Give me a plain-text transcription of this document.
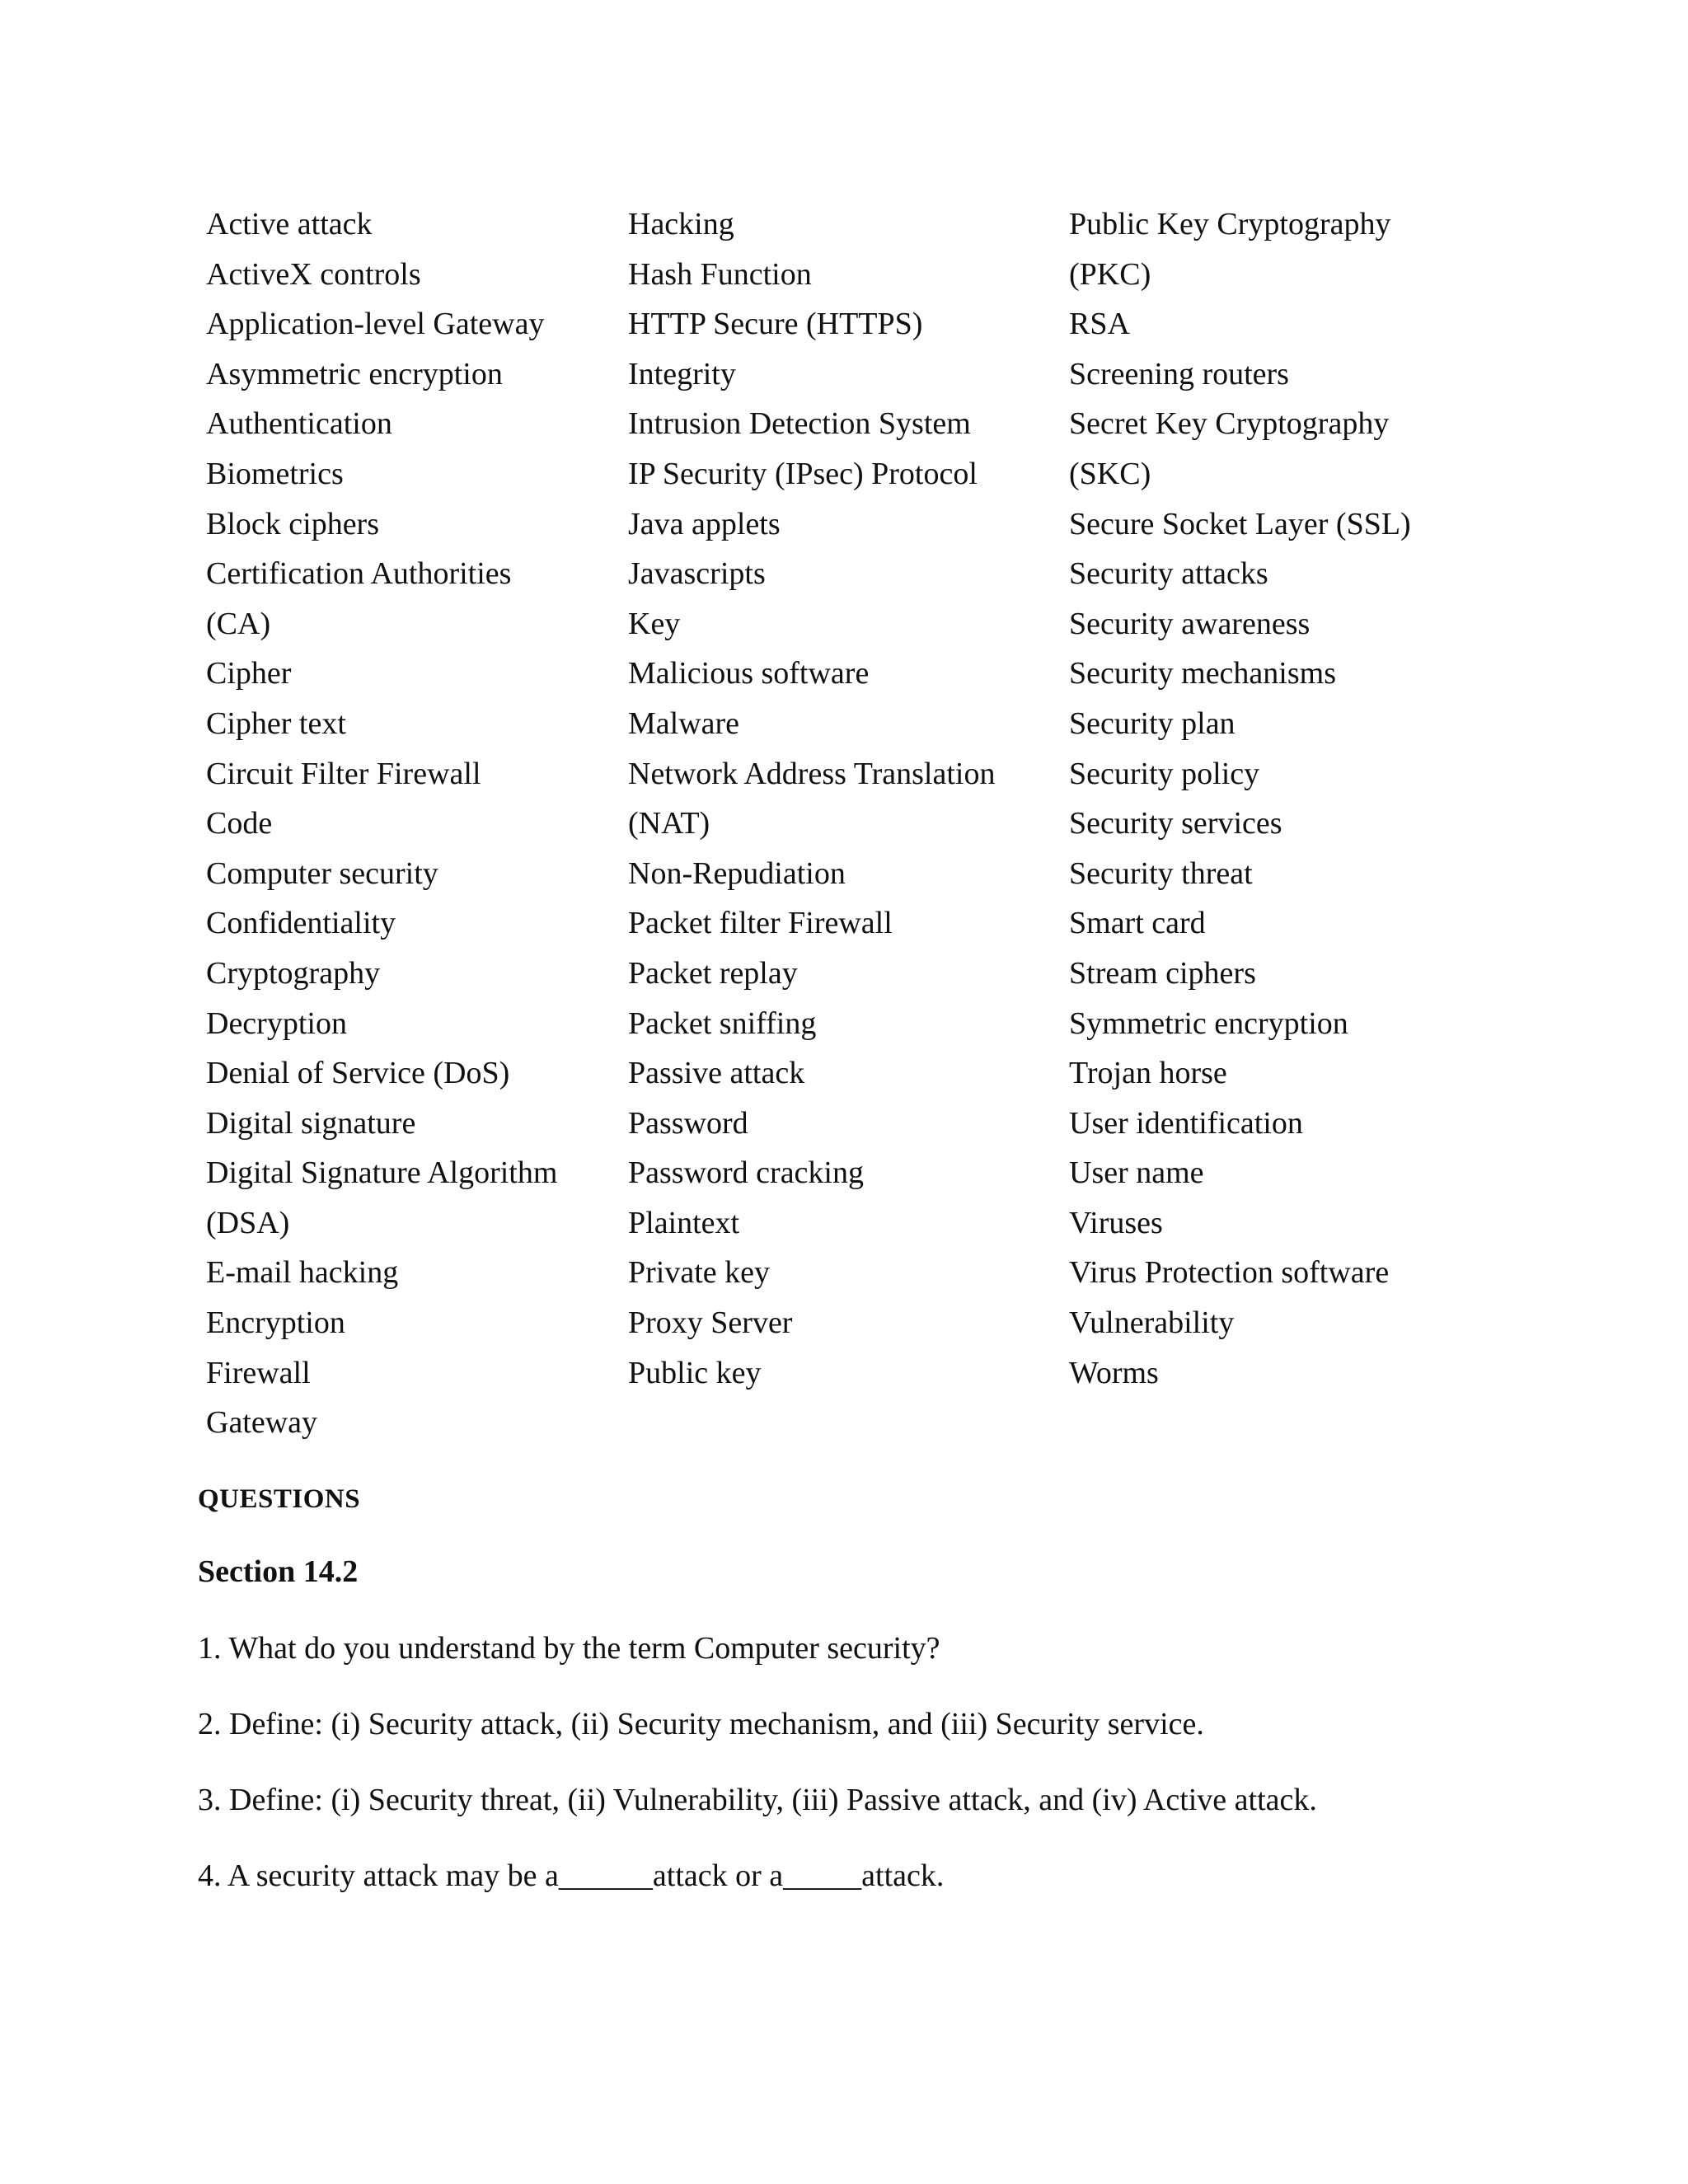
Active attack
ActiveX controls
Application-level Gateway
Asymmetric encryption
Authentication
Biometrics
Block ciphers
Certification Authorities
(CA)
Cipher
Cipher text
Circuit Filter Firewall
Code
Computer security
Confidentiality
Cryptography
Decryption
Denial of Service (DoS)
Digital signature
Digital Signature Algorithm
(DSA)
E-mail hacking
Encryption
Firewall
Gateway
Hacking
Hash Function
HTTP Secure (HTTPS)
Integrity
Intrusion Detection System
IP Security (IPsec) Protocol
Java applets
Javascripts
Key
Malicious software
Malware
Network Address Translation
(NAT)
Non-Repudiation
Packet filter Firewall
Packet replay
Packet sniffing
Passive attack
Password
Password cracking
Plaintext
Private key
Proxy Server
Public key
Public Key Cryptography
(PKC)
RSA
Screening routers
Secret Key Cryptography
(SKC)
Secure Socket Layer (SSL)
Security attacks
Security awareness
Security mechanisms
Security plan
Security policy
Security services
Security threat
Smart card
Stream ciphers
Symmetric encryption
Trojan horse
User identification
User name
Viruses
Virus Protection software
Vulnerability
Worms
QUESTIONS
Section 14.2
1. What do you understand by the term Computer security?
2. Define: (i) Security attack, (ii) Security mechanism, and (iii) Security service.
3. Define: (i) Security threat, (ii) Vulnerability, (iii) Passive attack, and (iv) Active attack.
4. A security attack may be a______attack or a_____attack.
